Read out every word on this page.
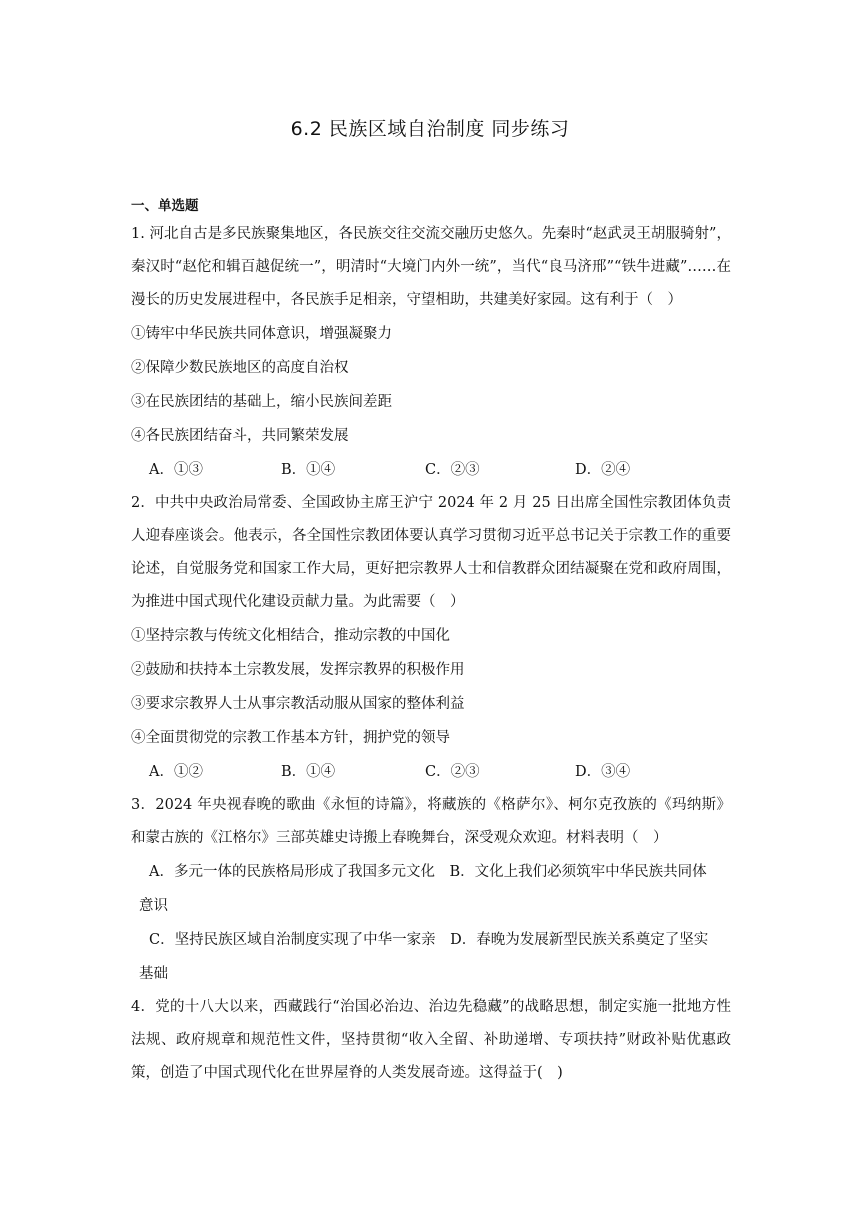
6.2 民族区域自治制度 同步练习
一、单选题

1. 河北自古是多民族聚集地区，各民族交往交流交融历史悠久。先秦时“赵武灵王胡服骑射”，秦汉时“赵佗和辑百越促统一”，明清时“大境门内外一统”，当代“良马济邢”“铁牛进藏”……在漫长的历史发展进程中，各民族手足相亲，守望相助，共建美好家园。这有利于（　）

①铸牢中华民族共同体意识，增强凝聚力

②保障少数民族地区的高度自治权

③在民族团结的基础上，缩小民族间差距

④各民族团结奋斗，共同繁荣发展

A．①③	B．①④	C．②③	D．②④

2．中共中央政治局常委、全国政协主席王沪宁 2024 年 2 月 25 日出席全国性宗教团体负责人迎春座谈会。他表示，各全国性宗教团体要认真学习贯彻习近平总书记关于宗教工作的重要论述，自觉服务党和国家工作大局，更好把宗教界人士和信教群众团结凝聚在党和政府周围，为推进中国式现代化建设贡献力量。为此需要（　）

①坚持宗教与传统文化相结合，推动宗教的中国化

②鼓励和扶持本土宗教发展，发挥宗教界的积极作用

③要求宗教界人士从事宗教活动服从国家的整体利益

④全面贯彻党的宗教工作基本方针，拥护党的领导

A．①②	B．①④	C．②③	D．③④

3．2024 年央视春晚的歌曲《永恒的诗篇》，将藏族的《格萨尔》、柯尔克孜族的《玛纳斯》和蒙古族的《江格尔》三部英雄史诗搬上春晚舞台，深受观众欢迎。材料表明（　）

A．多元一体的民族格局形成了我国多元文化　B．文化上我们必须筑牢中华民族共同体

意识

C．坚持民族区域自治制度实现了中华一家亲　D．春晚为发展新型民族关系奠定了坚实

基础

4．党的十八大以来，西藏践行“治国必治边、治边先稳藏”的战略思想，制定实施一批地方性法规、政府规章和规范性文件，坚持贯彻“收入全留、补助递增、专项扶持”财政补贴优惠政策，创造了中国式现代化在世界屋脊的人类发展奇迹。这得益于(　)
